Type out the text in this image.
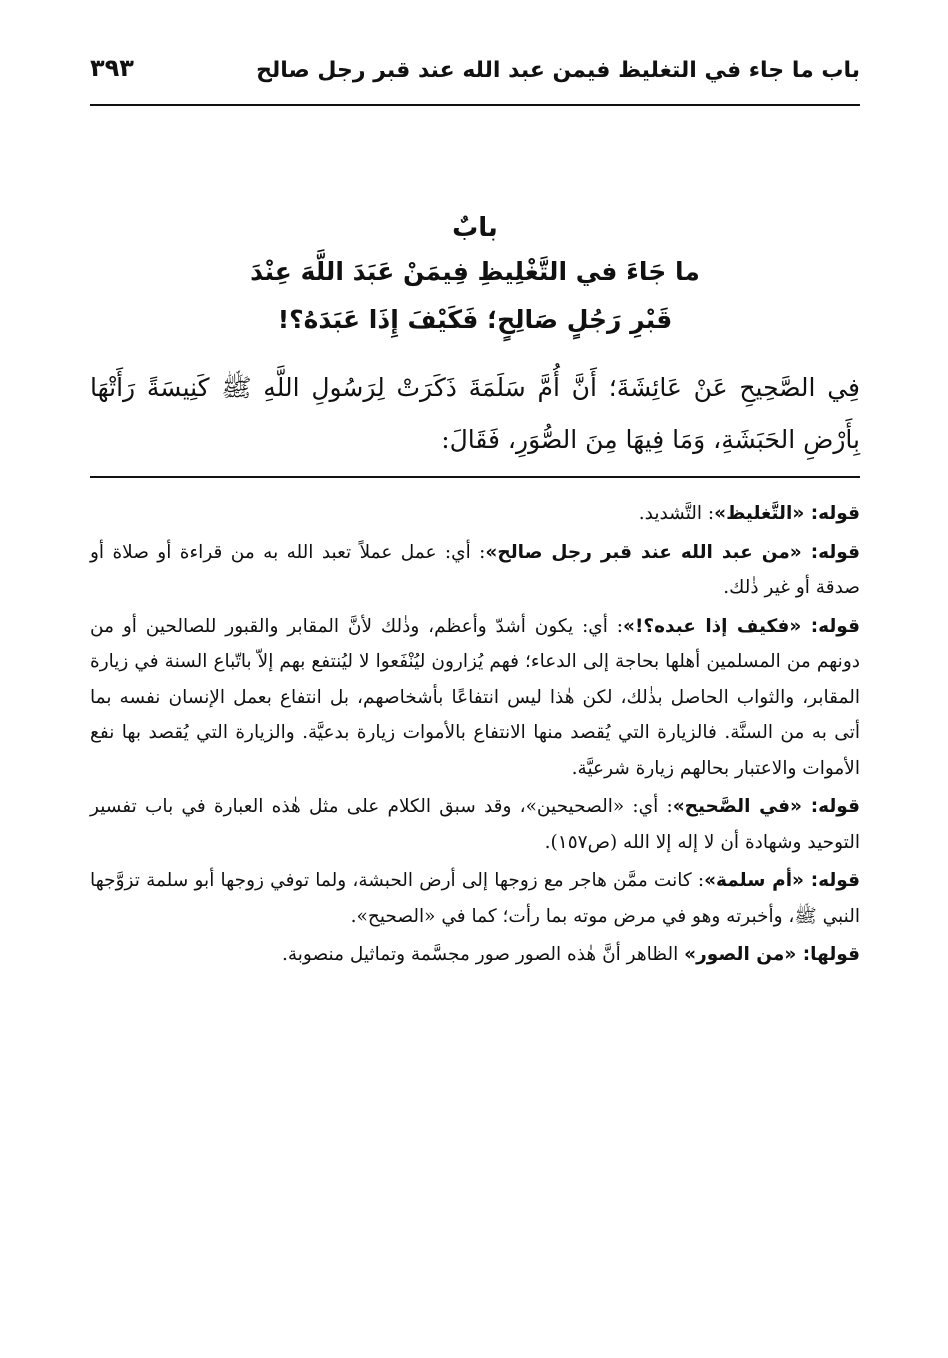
باب ما جاء في التغليظ فيمن عبد الله عند قبر رجل صالح
٣٩٣
بابٌ
ما جَاءَ في التَّغْلِيظِ فِيمَنْ عَبَدَ اللَّهَ عِنْدَ
قَبْرِ رَجُلٍ صَالِحٍ؛ فَكَيْفَ إِذَا عَبَدَهُ؟!
فِي الصَّحِيحِ عَنْ عَائِشَةَ؛ أَنَّ أُمَّ سَلَمَةَ ذَكَرَتْ لِرَسُولِ اللَّهِ ﷺ كَنِيسَةً رَأَتْهَا بِأَرْضِ الحَبَشَةِ، وَمَا فِيهَا مِنَ الصُّوَرِ، فَقَالَ:

قوله: «التَّغليظ»: التَّشديد.

قوله: «من عبد الله عند قبر رجل صالح»: أي: عمل عملاً تعبد الله به من قراءة أو صلاة أو صدقة أو غير ذٰلك.

قوله: «فكيف إذا عبده؟!»: أي: يكون أشدّ وأعظم، وذٰلك لأنَّ المقابر والقبور للصالحين أو من دونهم من المسلمين أهلها بحاجة إلى الدعاء؛ فهم يُزارون ليُنْفَعوا لا ليُنتفع بهم إلاّ باتّباع السنة في زيارة المقابر، والثواب الحاصل بذٰلك، لكن هٰذا ليس انتفاعًا بأشخاصهم، بل انتفاع بعمل الإنسان نفسه بما أتى به من السنَّة. فالزيارة التي يُقصد منها الانتفاع بالأموات زيارة بدعيَّة. والزيارة التي يُقصد بها نفع الأموات والاعتبار بحالهم زيارة شرعيَّة.

قوله: «في الصَّحيح»: أي: «الصحيحين»، وقد سبق الكلام على مثل هٰذه العبارة في باب تفسير التوحيد وشهادة أن لا إله إلا الله (ص١٥٧).

قوله: «أم سلمة»: كانت ممَّن هاجر مع زوجها إلى أرض الحبشة، ولما توفي زوجها أبو سلمة تزوَّجها النبي ﷺ، وأخبرته وهو في مرض موته بما رأت؛ كما في «الصحيح».

قولها: «من الصور» الظاهر أنَّ هٰذه الصور صور مجسَّمة وتماثيل منصوبة.
